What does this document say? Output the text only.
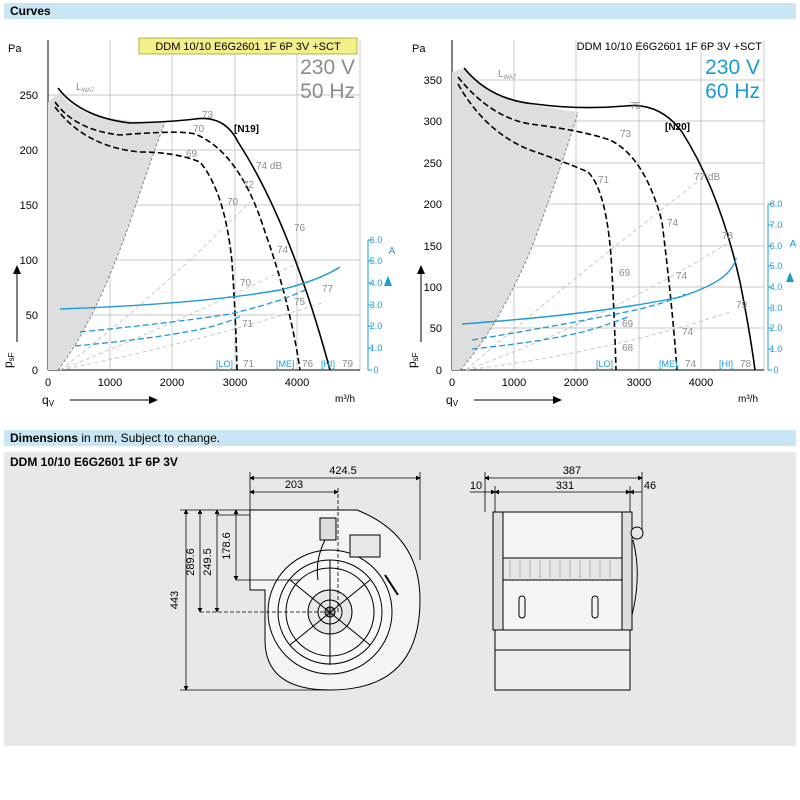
Curves
Dimensions in mm, Subject to change.
DDM 10/10 E6G2601 1F 6P 3V
DDM 10/10 E6G2601 1F 6P 3V +SCT
230 V
50 Hz
Pa
[N19]
$L_{WA7}$
0
50
100
150
200
250
0	1000	2000	3000	4000
0
1.0
2.0
3.0
4.0
5.0
6.0
A
[LO]	[ME]	[HI]
73
70
69
74 dB
72
70
76
74
77
70
75
71
71	76	79
psF
qV	m³/h
DDM 10/10 E6G2601 1F 6P 3V +SCT
230 V
60 Hz
Pa
[N20]
$L_{WA7}$
0
50
100
150
200
250
300
350
0	1000	2000	3000	4000
0
1.0
2.0
3.0
4.0
5.0
6.0
7.0
8.0
A
[LO]	[ME]	[HI]
75
73
71	77 dB
74
78
69	74
79
69
74
68
74	78
psF
qV	m³/h
424.5
203
178.6
249.5
289.6
443
387
10	331	46
